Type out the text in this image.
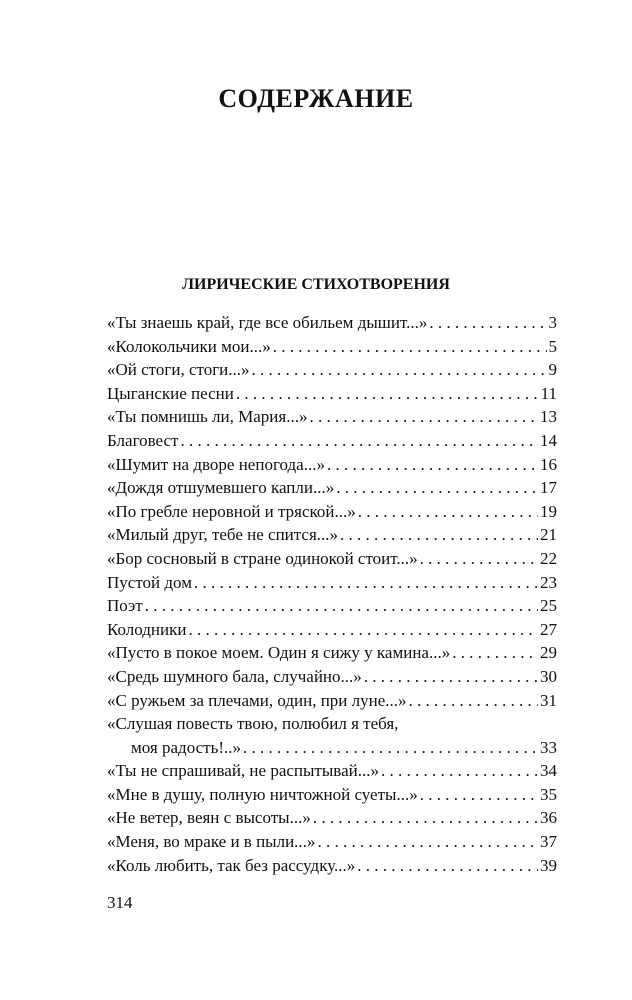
СОДЕРЖАНИЕ
ЛИРИЧЕСКИЕ СТИХОТВОРЕНИЯ
«Ты знаешь край, где все обильем дышит...» . . .	3
«Колокольчики мои...» . . .	5
«Ой стоги, стоги...» . . .	9
Цыганские песни . . .	11
«Ты помнишь ли, Мария...» . . .	13
Благовест . . .	14
«Шумит на дворе непогода...» . . .	16
«Дождя отшумевшего капли...» . . .	17
«По гребле неровной и тряской...» . . .	19
«Милый друг, тебе не спится...» . . .	21
«Бор сосновый в стране одинокой стоит...» . . .	22
Пустой дом . . .	23
Поэт . . .	25
Колодники . . .	27
«Пусто в покое моем. Один я сижу у камина...» . . .	29
«Средь шумного бала, случайно...» . . .	30
«С ружьем за плечами, один, при луне...» . . .	31
«Слушая повесть твою, полюбил я тебя,
моя радость!..» . . .	33
«Ты не спрашивай, не распытывай...» . . .	34
«Мне в душу, полную ничтожной суеты...» . . .	35
«Не ветер, веян с высоты...» . . .	36
«Меня, во мраке и в пыли...» . . .	37
«Коль любить, так без рассудку...» . . .	39
314
